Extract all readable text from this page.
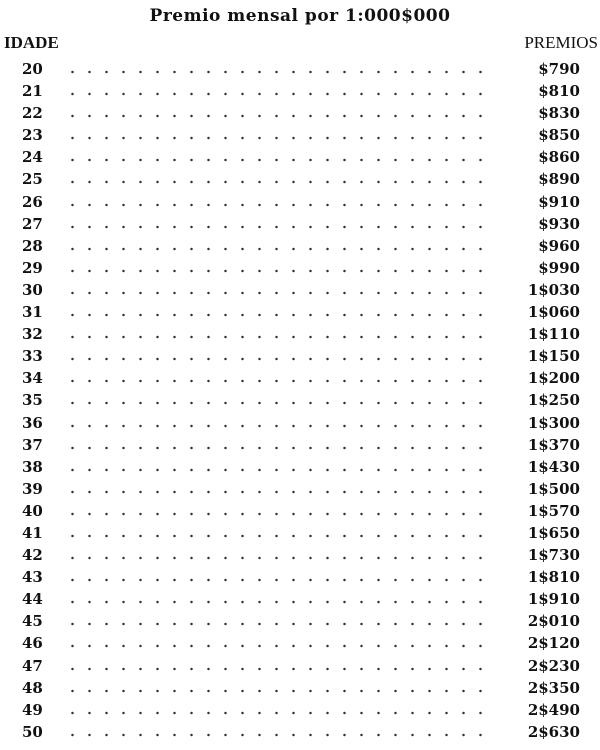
Premio mensal por 1:000$000
IDADE	PREMIOS
20	$790
21	$810
22	$830
23	$850
24	$860
25	$890
26	$910
27	$930
28	$960
29	$990
30	1$030
31	1$060
32	1$110
33	1$150
34	1$200
35	1$250
36	1$300
37	1$370
38	1$430
39	1$500
40	1$570
41	1$650
42	1$730
43	1$810
44	1$910
45	2$010
46	2$120
47	2$230
48	2$350
49	2$490
50	2$630
